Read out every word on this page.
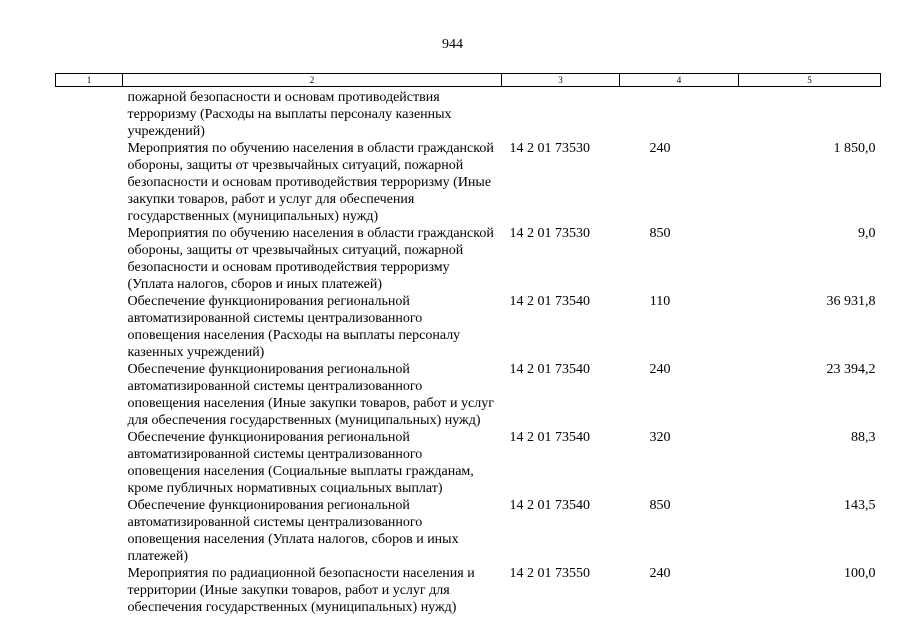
944
1	2	3	4	5
	пожарной безопасности и основам противодействия терроризму (Расходы на выплаты персоналу казенных учреждений)			
	Мероприятия по обучению населения в области гражданской обороны, защиты от чрезвычайных ситуаций, пожарной безопасности и основам противодействия терроризму (Иные закупки товаров, работ и услуг для обеспечения государственных (муниципальных) нужд)	14 2 01 73530	240	1 850,0
	Мероприятия по обучению населения в области гражданской обороны, защиты от чрезвычайных ситуаций, пожарной безопасности и основам противодействия терроризму (Уплата налогов, сборов и иных платежей)	14 2 01 73530	850	9,0
	Обеспечение функционирования региональной автоматизированной системы централизованного оповещения населения (Расходы на выплаты персоналу казенных учреждений)	14 2 01 73540	110	36 931,8
	Обеспечение функционирования региональной автоматизированной системы централизованного оповещения населения (Иные закупки товаров, работ и услуг для обеспечения государственных (муниципальных) нужд)	14 2 01 73540	240	23 394,2
	Обеспечение функционирования региональной автоматизированной системы централизованного оповещения населения (Социальные выплаты гражданам, кроме публичных нормативных социальных выплат)	14 2 01 73540	320	88,3
	Обеспечение функционирования региональной автоматизированной системы централизованного оповещения населения (Уплата налогов, сборов и иных платежей)	14 2 01 73540	850	143,5
	Мероприятия по радиационной безопасности населения и территории (Иные закупки товаров, работ и услуг для обеспечения государственных (муниципальных) нужд)	14 2 01 73550	240	100,0
